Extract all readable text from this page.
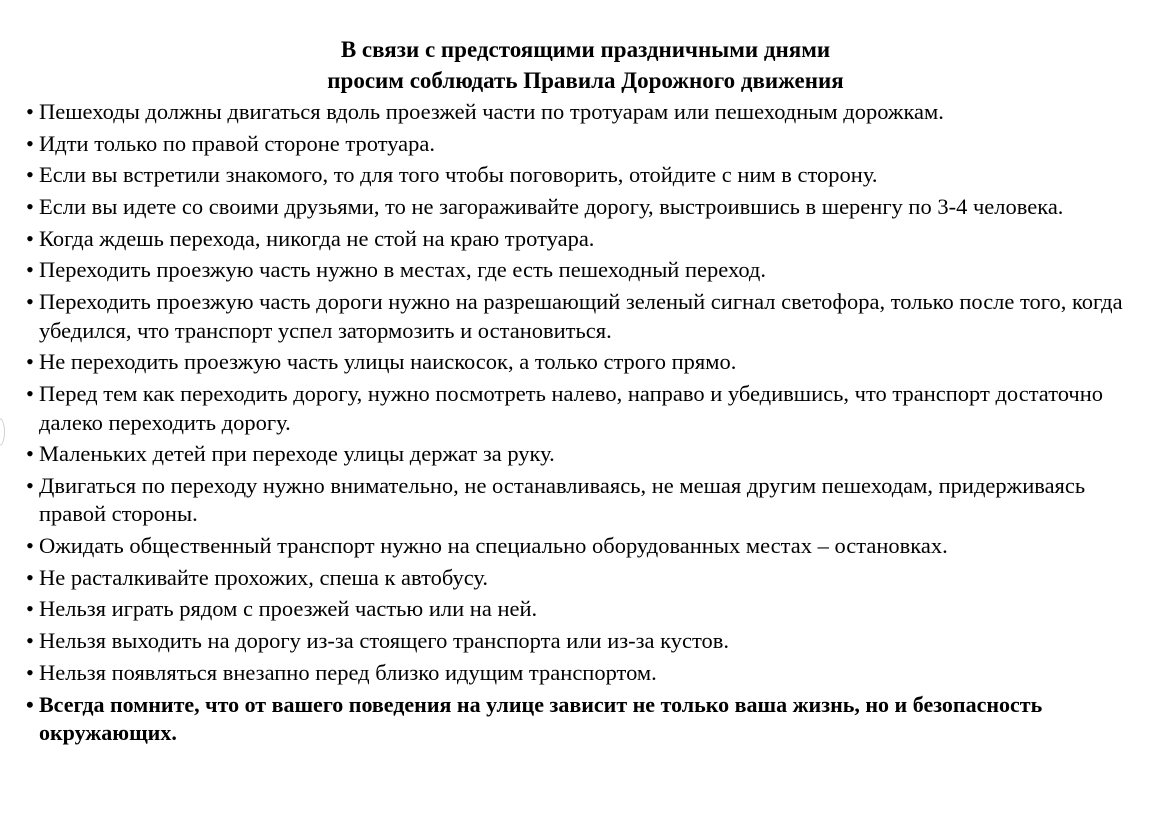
В связи с предстоящими праздничными днями
просим соблюдать Правила Дорожного движения
• Пешеходы должны двигаться вдоль проезжей части по тротуарам или пешеходным дорожкам.
• Идти только по правой стороне тротуара.
• Если вы встретили знакомого, то для того чтобы поговорить, отойдите с ним в сторону.
• Если вы идете со своими друзьями, то не загораживайте дорогу, выстроившись в шеренгу по 3-4 человека.
• Когда ждешь перехода, никогда не стой на краю тротуара.
• Переходить проезжую часть нужно в местах, где есть пешеходный переход.
• Переходить проезжую часть дороги нужно на разрешающий зеленый сигнал светофора, только после того, когда убедился, что транспорт успел затормозить и остановиться.
• Не переходить проезжую часть улицы наискосок, а только строго прямо.
• Перед тем как переходить дорогу, нужно посмотреть налево, направо и убедившись, что транспорт достаточно далеко переходить дорогу.
• Маленьких детей при переходе улицы держат за руку.
• Двигаться по переходу нужно внимательно, не останавливаясь, не мешая другим пешеходам, придерживаясь правой стороны.
• Ожидать общественный транспорт нужно на специально оборудованных местах – остановках.
• Не расталкивайте прохожих, спеша к автобусу.
• Нельзя играть рядом с проезжей частью или на ней.
• Нельзя выходить на дорогу из-за стоящего транспорта или из-за кустов.
• Нельзя появляться внезапно перед близко идущим транспортом.
• Всегда помните, что от вашего поведения на улице зависит не только ваша жизнь, но и безопасность окружающих.
